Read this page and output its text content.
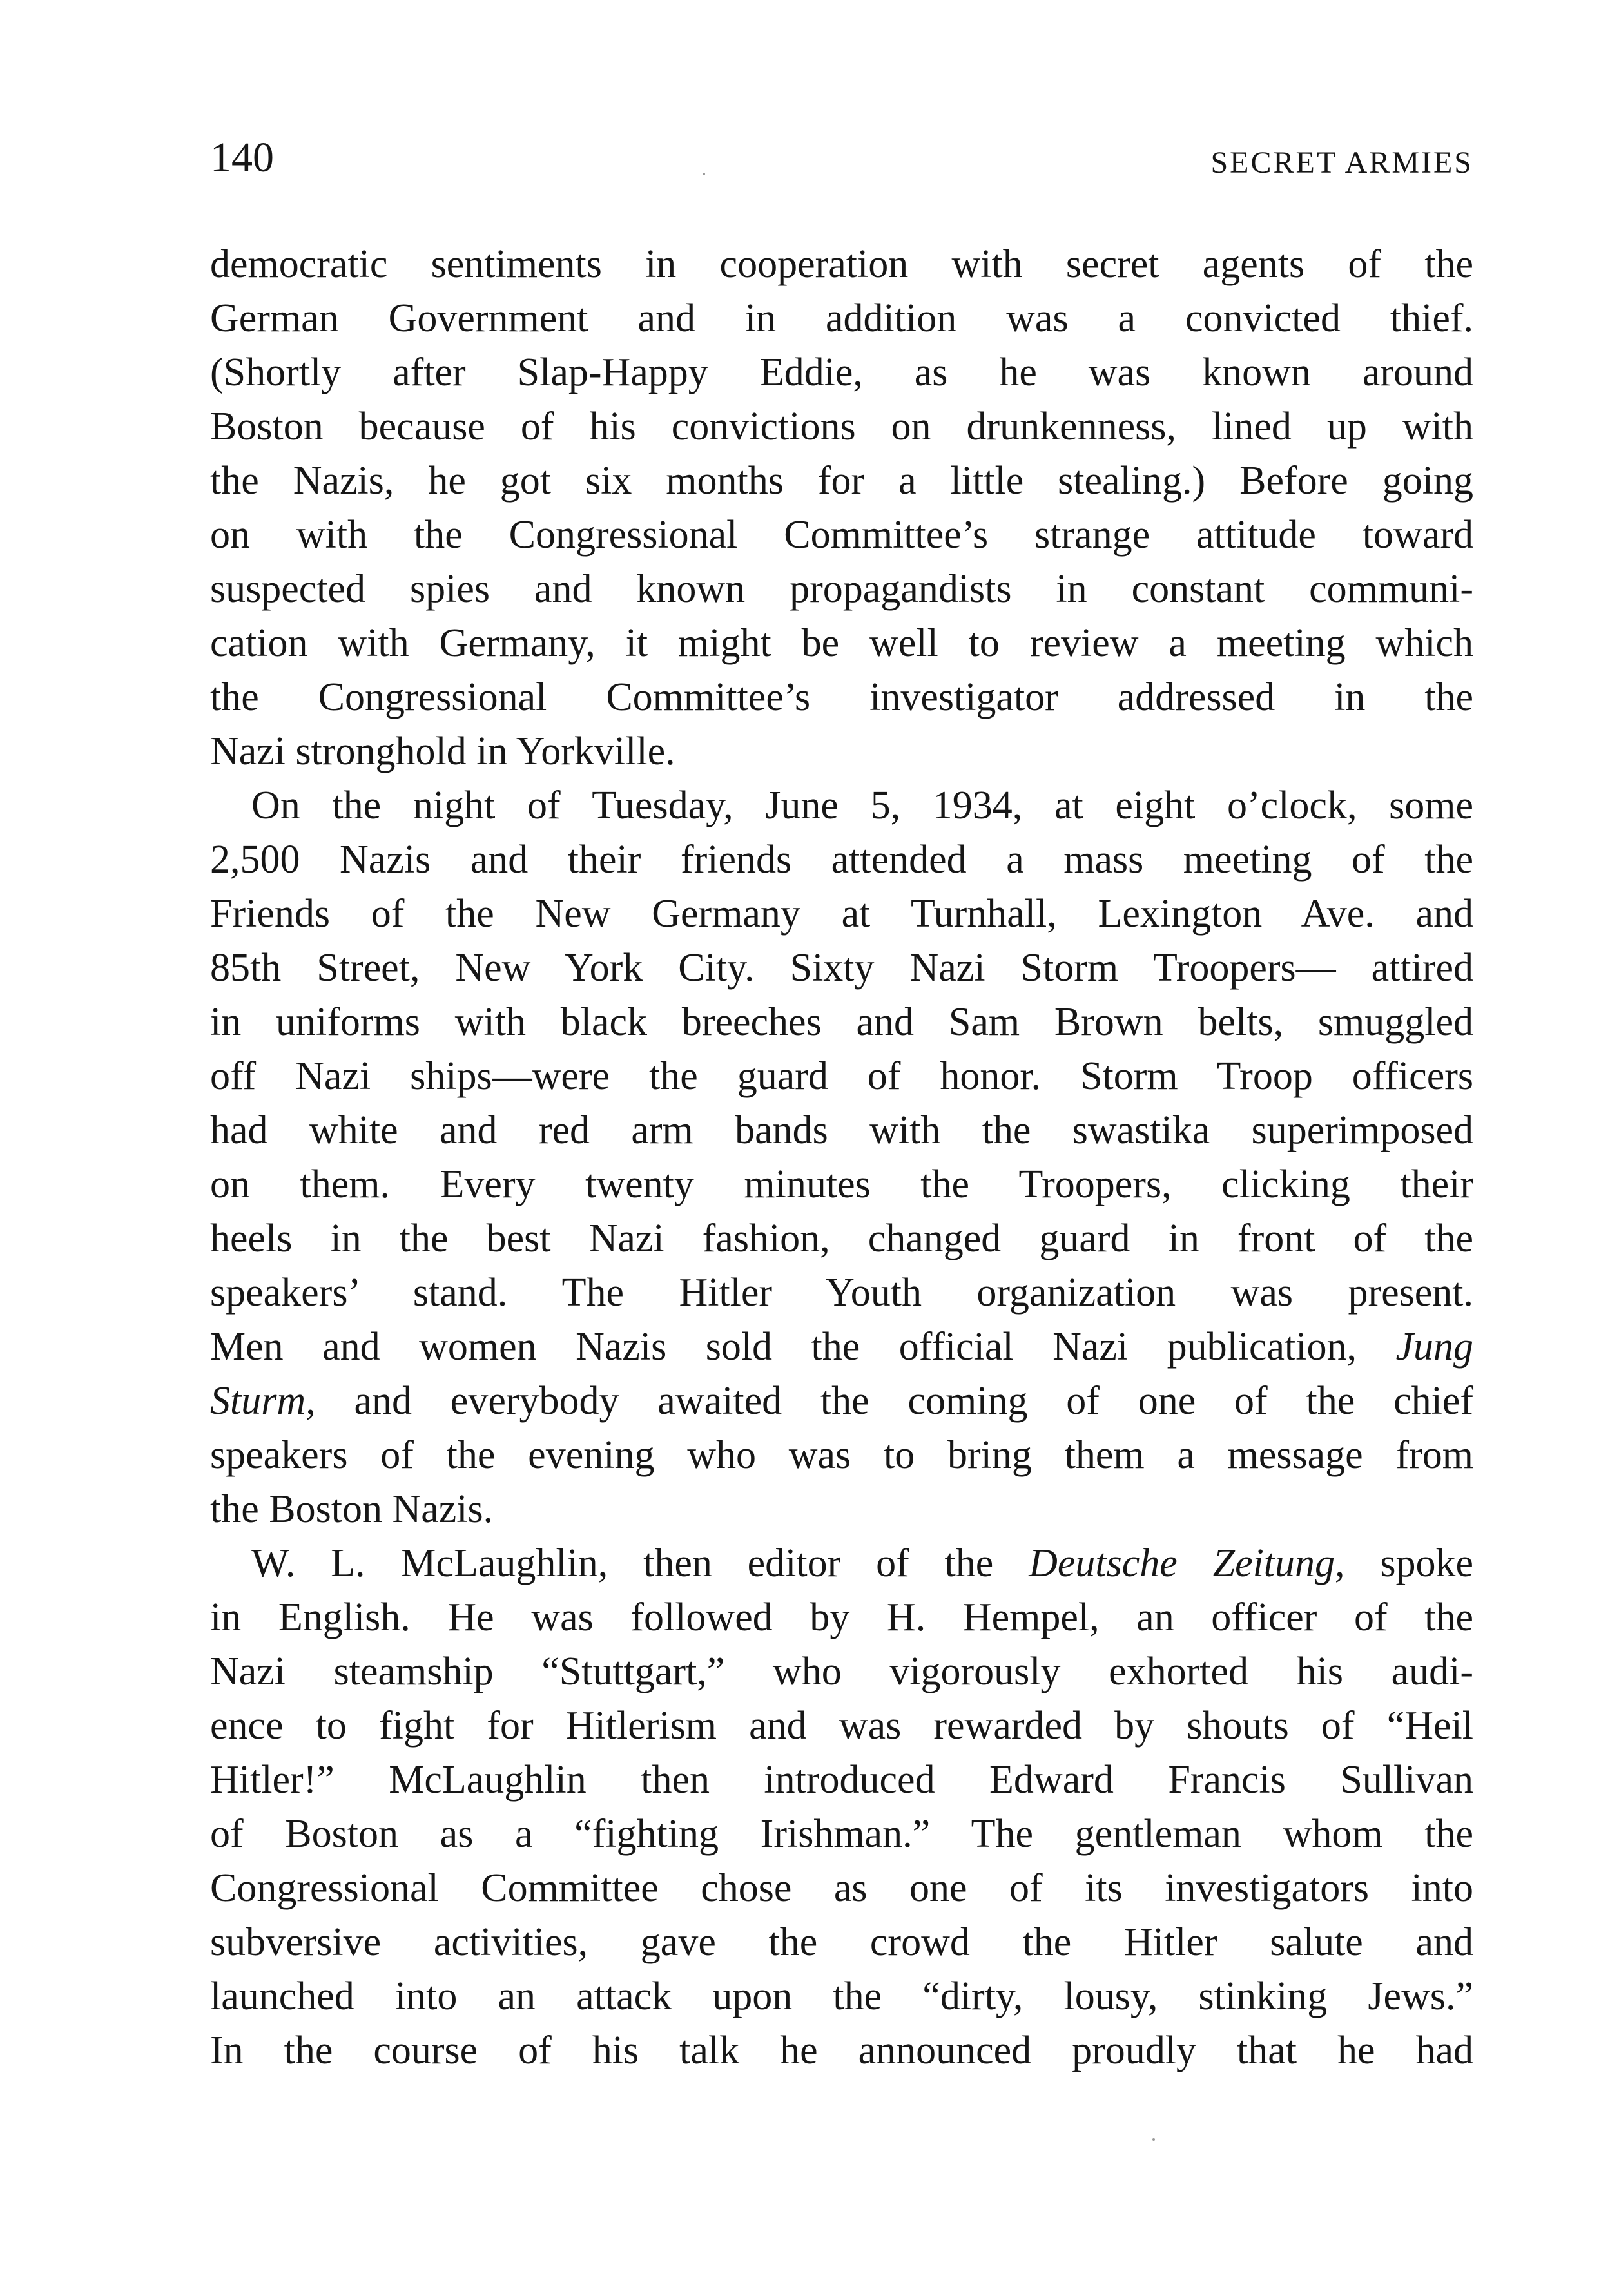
140	SECRET ARMIES
democratic sentiments in cooperation with secret agents of the
German Government and in addition was a convicted thief.
(Shortly after Slap-Happy Eddie, as he was known around
Boston because of his convictions on drunkenness, lined up with
the Nazis, he got six months for a little stealing.) Before going
on with the Congressional Committee’s strange attitude toward
suspected spies and known propagandists in constant communi-
cation with Germany, it might be well to review a meeting which
the Congressional Committee’s investigator addressed in the
Nazi stronghold in Yorkville.
On the night of Tuesday, June 5, 1934, at eight o’clock, some
2,500 Nazis and their friends attended a mass meeting of the
Friends of the New Germany at Turnhall, Lexington Ave. and
85th Street, New York City. Sixty Nazi Storm Troopers— attired
in uniforms with black breeches and Sam Brown belts, smuggled
off Nazi ships—were the guard of honor. Storm Troop officers
had white and red arm bands with the swastika superimposed
on them. Every twenty minutes the Troopers, clicking their
heels in the best Nazi fashion, changed guard in front of the
speakers’ stand. The Hitler Youth organization was present.
Men and women Nazis sold the official Nazi publication, Jung
Sturm, and everybody awaited the coming of one of the chief
speakers of the evening who was to bring them a message from
the Boston Nazis.
W. L. McLaughlin, then editor of the Deutsche Zeitung, spoke
in English. He was followed by H. Hempel, an officer of the
Nazi steamship “Stuttgart,” who vigorously exhorted his audi-
ence to fight for Hitlerism and was rewarded by shouts of “Heil
Hitler!” McLaughlin then introduced Edward Francis Sullivan
of Boston as a “fighting Irishman.” The gentleman whom the
Congressional Committee chose as one of its investigators into
subversive activities, gave the crowd the Hitler salute and
launched into an attack upon the “dirty, lousy, stinking Jews.”
In the course of his talk he announced proudly that he had
